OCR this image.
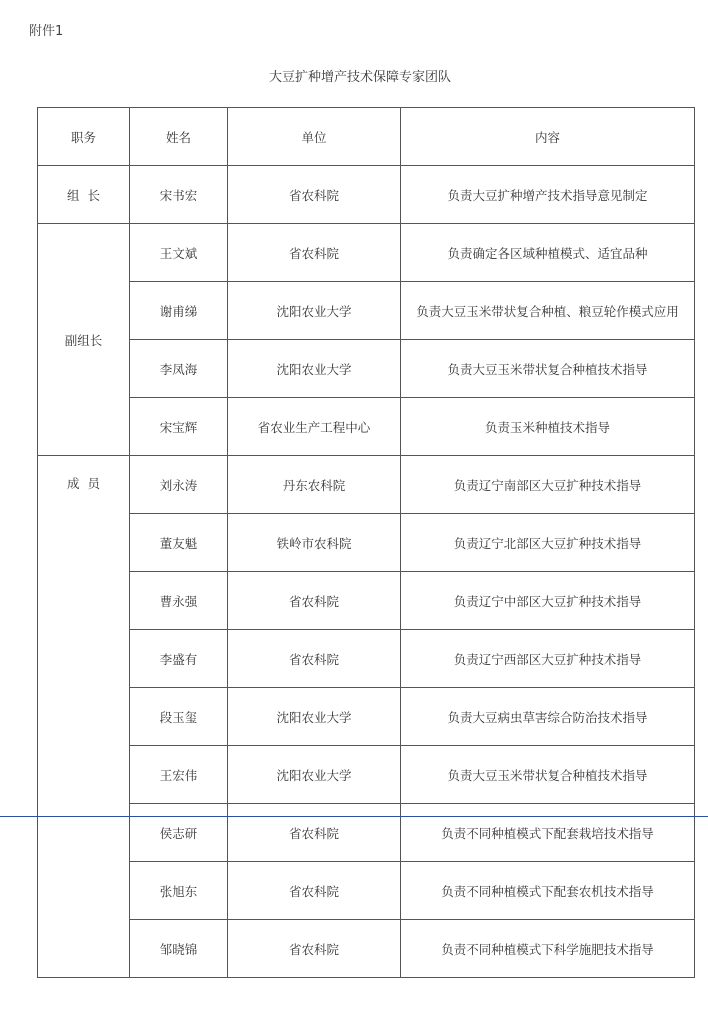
附件1
大豆扩种增产技术保障专家团队
职务	姓名	单位	内容
组  长	宋书宏	省农科院	负责大豆扩种增产技术指导意见制定
副组长	王文斌	省农科院	负责确定各区域种植模式、适宜品种
	谢甫绨	沈阳农业大学	负责大豆玉米带状复合种植、粮豆轮作模式应用
	李凤海	沈阳农业大学	负责大豆玉米带状复合种植技术指导
	宋宝辉	省农业生产工程中心	负责玉米种植技术指导
成  员	刘永涛	丹东农科院	负责辽宁南部区大豆扩种技术指导
	董友魁	铁岭市农科院	负责辽宁北部区大豆扩种技术指导
	曹永强	省农科院	负责辽宁中部区大豆扩种技术指导
	李盛有	省农科院	负责辽宁西部区大豆扩种技术指导
	段玉玺	沈阳农业大学	负责大豆病虫草害综合防治技术指导
	王宏伟	沈阳农业大学	负责大豆玉米带状复合种植技术指导
	侯志研	省农科院	负责不同种植模式下配套栽培技术指导
	张旭东	省农科院	负责不同种植模式下配套农机技术指导
	邹晓锦	省农科院	负责不同种植模式下科学施肥技术指导
